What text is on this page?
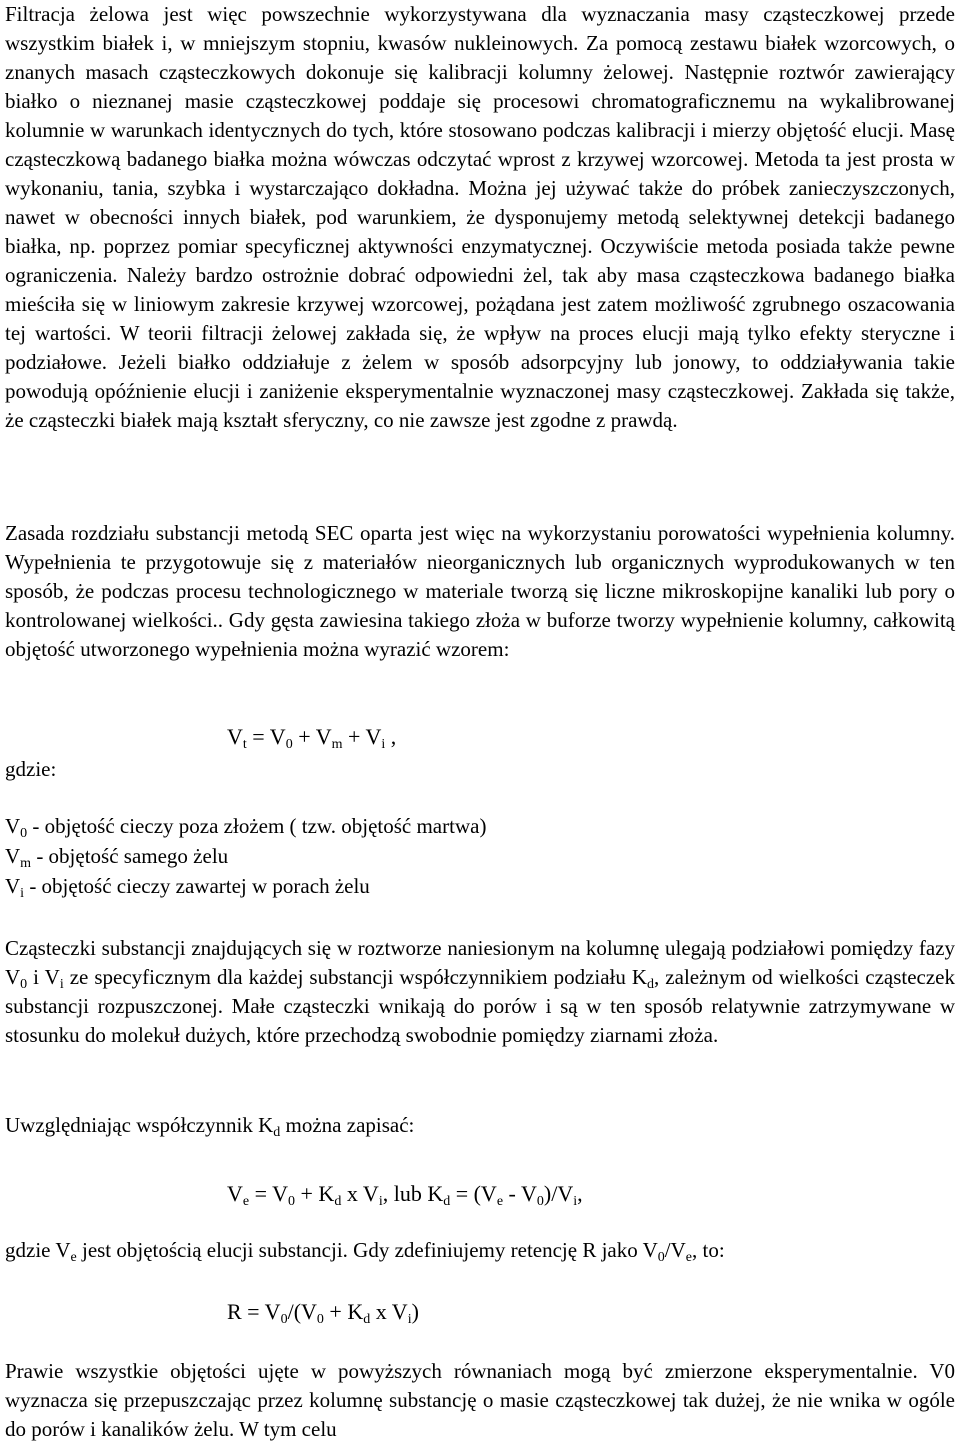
Filtracja żelowa jest więc powszechnie wykorzystywana dla wyznaczania masy cząsteczkowej przede wszystkim białek i, w mniejszym stopniu, kwasów nukleinowych. Za pomocą zestawu białek wzorcowych, o znanych masach cząsteczkowych dokonuje się kalibracji kolumny żelowej. Następnie roztwór zawierający białko o nieznanej masie cząsteczkowej poddaje się procesowi chromatograficznemu na wykalibrowanej kolumnie w warunkach identycznych do tych, które stosowano podczas kalibracji i mierzy objętość elucji. Masę cząsteczkową badanego białka można wówczas odczytać wprost z krzywej wzorcowej. Metoda ta jest prosta w wykonaniu, tania, szybka i wystarczająco dokładna. Można jej używać także do próbek zanieczyszczonych, nawet w obecności innych białek, pod warunkiem, że dysponujemy metodą selektywnej detekcji badanego białka, np. poprzez pomiar specyficznej aktywności enzymatycznej. Oczywiście metoda posiada także pewne ograniczenia. Należy bardzo ostrożnie dobrać odpowiedni żel, tak aby masa cząsteczkowa badanego białka mieściła się w liniowym zakresie krzywej wzorcowej, pożądana jest zatem możliwość zgrubnego oszacowania tej wartości. W teorii filtracji żelowej zakłada się, że wpływ na proces elucji mają tylko efekty steryczne i podziałowe. Jeżeli białko oddziałuje z żelem w sposób adsorpcyjny lub jonowy, to oddziaływania takie powodują opóźnienie elucji i zaniżenie eksperymentalnie wyznaczonej masy cząsteczkowej. Zakłada się także, że cząsteczki białek mają kształt sferyczny, co nie zawsze jest zgodne z prawdą.

Zasada rozdziału substancji metodą SEC oparta jest więc na wykorzystaniu porowatości wypełnienia kolumny. Wypełnienia te przygotowuje się z materiałów nieorganicznych lub organicznych wyprodukowanych w ten sposób, że podczas procesu technologicznego w materiale tworzą się liczne mikroskopijne kanaliki lub pory o kontrolowanej wielkości.. Gdy gęsta zawiesina takiego złoża w buforze tworzy wypełnienie kolumny, całkowitą objętość utworzonego wypełnienia można wyrazić wzorem:

$V_t = V_0 + V_m + V_i$ ,

gdzie:

$V_0$ - objętość cieczy poza złożem ( tzw. objętość martwa)

$V_m$ - objętość samego żelu

$V_i$ - objętość cieczy zawartej w porach żelu

Cząsteczki substancji znajdujących się w roztworze naniesionym na kolumnę ulegają podziałowi pomiędzy fazy $V_0$ i $V_i$ ze specyficznym dla każdej substancji współczynnikiem podziału $K_d$, zależnym od wielkości cząsteczek substancji rozpuszczonej. Małe cząsteczki wnikają do porów i są w ten sposób relatywnie zatrzymywane w stosunku do molekuł dużych, które przechodzą swobodnie pomiędzy ziarnami złoża.

Uwzględniając współczynnik $K_d$ można zapisać:

$V_e = V_0 + K_d$ x $V_i$, lub $K_d = (V_e - V_0)/V_i$,

gdzie $V_e$ jest objętością elucji substancji. Gdy zdefiniujemy retencję R jako $V_0/V_e$, to:

$R = V_0/(V_0 + K_d$ x $V_i$)

Prawie wszystkie objętości ujęte w powyższych równaniach mogą być zmierzone eksperymentalnie. V0 wyznacza się przepuszczając przez kolumnę substancję o masie cząsteczkowej tak dużej, że nie wnika w ogóle do porów i kanalików żelu. W tym celu
